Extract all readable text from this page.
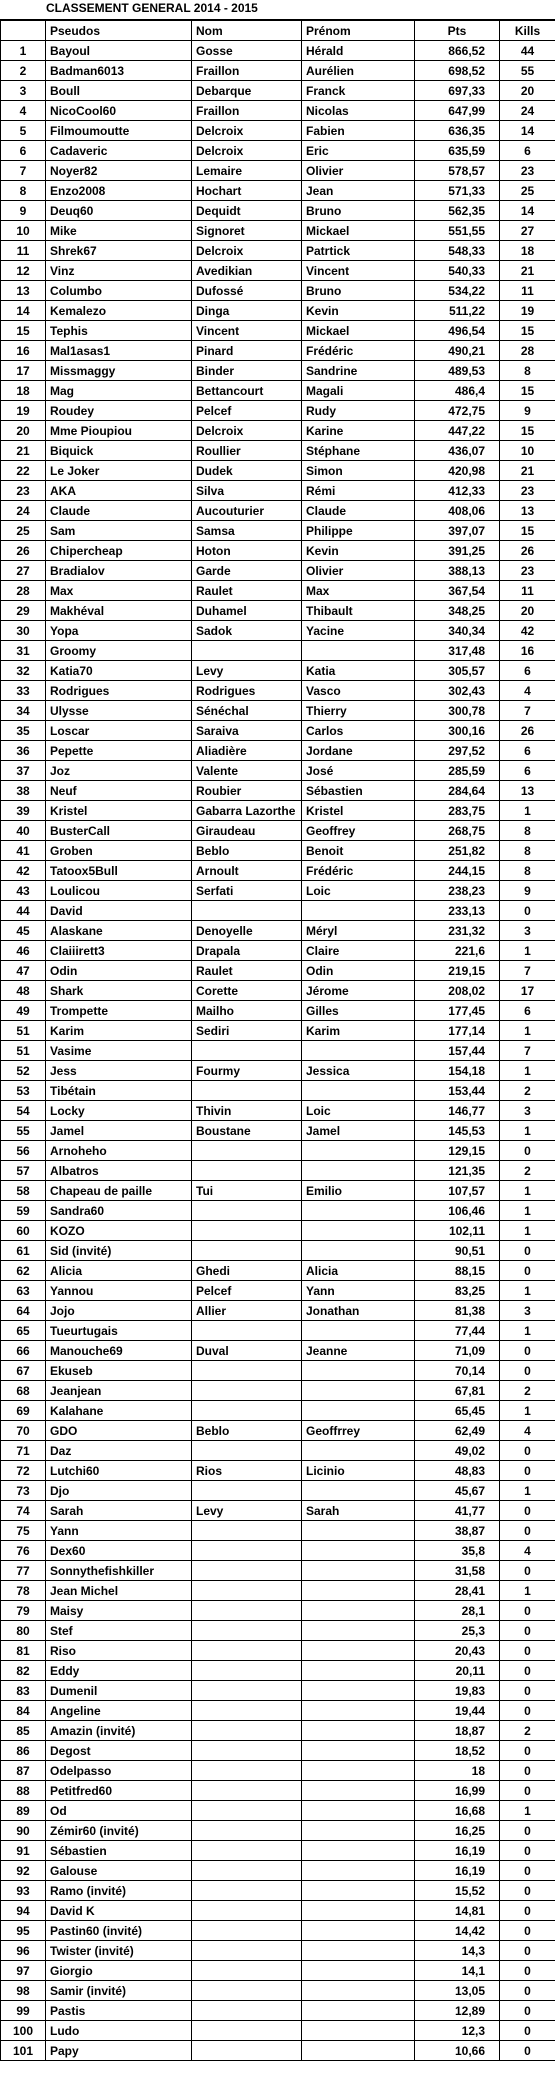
CLASSEMENT GENERAL 2014 - 2015
	Pseudos	Nom	Prénom	Pts	Kills
1	Bayoul	Gosse	Hérald	866,52	44
2	Badman6013	Fraillon	Aurélien	698,52	55
3	Boull	Debarque	Franck	697,33	20
4	NicoCool60	Fraillon	Nicolas	647,99	24
5	Filmoumoutte	Delcroix	Fabien	636,35	14
6	Cadaveric	Delcroix	Eric	635,59	6
7	Noyer82	Lemaire	Olivier	578,57	23
8	Enzo2008	Hochart	Jean	571,33	25
9	Deuq60	Dequidt	Bruno	562,35	14
10	Mike	Signoret	Mickael	551,55	27
11	Shrek67	Delcroix	Patrtick	548,33	18
12	Vinz	Avedikian	Vincent	540,33	21
13	Columbo	Dufossé	Bruno	534,22	11
14	Kemalezo	Dinga	Kevin	511,22	19
15	Tephis	Vincent	Mickael	496,54	15
16	Mal1asas1	Pinard	Frédéric	490,21	28
17	Missmaggy	Binder	Sandrine	489,53	8
18	Mag	Bettancourt	Magali	486,4	15
19	Roudey	Pelcef	Rudy	472,75	9
20	Mme Pioupiou	Delcroix	Karine	447,22	15
21	Biquick	Roullier	Stéphane	436,07	10
22	Le Joker	Dudek	Simon	420,98	21
23	AKA	Silva	Rémi	412,33	23
24	Claude	Aucouturier	Claude	408,06	13
25	Sam	Samsa	Philippe	397,07	15
26	Chipercheap	Hoton	Kevin	391,25	26
27	Bradialov	Garde	Olivier	388,13	23
28	Max	Raulet	Max	367,54	11
29	Makhéval	Duhamel	Thibault	348,25	20
30	Yopa	Sadok	Yacine	340,34	42
31	Groomy			317,48	16
32	Katia70	Levy	Katia	305,57	6
33	Rodrigues	Rodrigues	Vasco	302,43	4
34	Ulysse	Sénéchal	Thierry	300,78	7
35	Loscar	Saraiva	Carlos	300,16	26
36	Pepette	Aliadière	Jordane	297,52	6
37	Joz	Valente	José	285,59	6
38	Neuf	Roubier	Sébastien	284,64	13
39	Kristel	Gabarra Lazorthe	Kristel	283,75	1
40	BusterCall	Giraudeau	Geoffrey	268,75	8
41	Groben	Beblo	Benoit	251,82	8
42	Tatoox5Bull	Arnoult	Frédéric	244,15	8
43	Loulicou	Serfati	Loic	238,23	9
44	David			233,13	0
45	Alaskane	Denoyelle	Méryl	231,32	3
46	Claiiirett3	Drapala	Claire	221,6	1
47	Odin	Raulet	Odin	219,15	7
48	Shark	Corette	Jérome	208,02	17
49	Trompette	Mailho	Gilles	177,45	6
51	Karim	Sediri	Karim	177,14	1
51	Vasime			157,44	7
52	Jess	Fourmy	Jessica	154,18	1
53	Tibétain			153,44	2
54	Locky	Thivin	Loic	146,77	3
55	Jamel	Boustane	Jamel	145,53	1
56	Arnoheho			129,15	0
57	Albatros			121,35	2
58	Chapeau de paille	Tui	Emilio	107,57	1
59	Sandra60			106,46	1
60	KOZO			102,11	1
61	Sid (invité)			90,51	0
62	Alicia	Ghedi	Alicia	88,15	0
63	Yannou	Pelcef	Yann	83,25	1
64	Jojo	Allier	Jonathan	81,38	3
65	Tueurtugais			77,44	1
66	Manouche69	Duval	Jeanne	71,09	0
67	Ekuseb			70,14	0
68	Jeanjean			67,81	2
69	Kalahane			65,45	1
70	GDO	Beblo	Geoffrrey	62,49	4
71	Daz			49,02	0
72	Lutchi60	Rios	Licinio	48,83	0
73	Djo			45,67	1
74	Sarah	Levy	Sarah	41,77	0
75	Yann			38,87	0
76	Dex60			35,8	4
77	Sonnythefishkiller			31,58	0
78	Jean Michel			28,41	1
79	Maisy			28,1	0
80	Stef			25,3	0
81	Riso			20,43	0
82	Eddy			20,11	0
83	Dumenil			19,83	0
84	Angeline			19,44	0
85	Amazin (invité)			18,87	2
86	Degost			18,52	0
87	Odelpasso			18	0
88	Petitfred60			16,99	0
89	Od			16,68	1
90	Zémir60 (invité)			16,25	0
91	Sébastien			16,19	0
92	Galouse			16,19	0
93	Ramo (invité)			15,52	0
94	David K			14,81	0
95	Pastin60 (invité)			14,42	0
96	Twister (invité)			14,3	0
97	Giorgio			14,1	0
98	Samir (invité)			13,05	0
99	Pastis			12,89	0
100	Ludo			12,3	0
101	Papy			10,66	0
